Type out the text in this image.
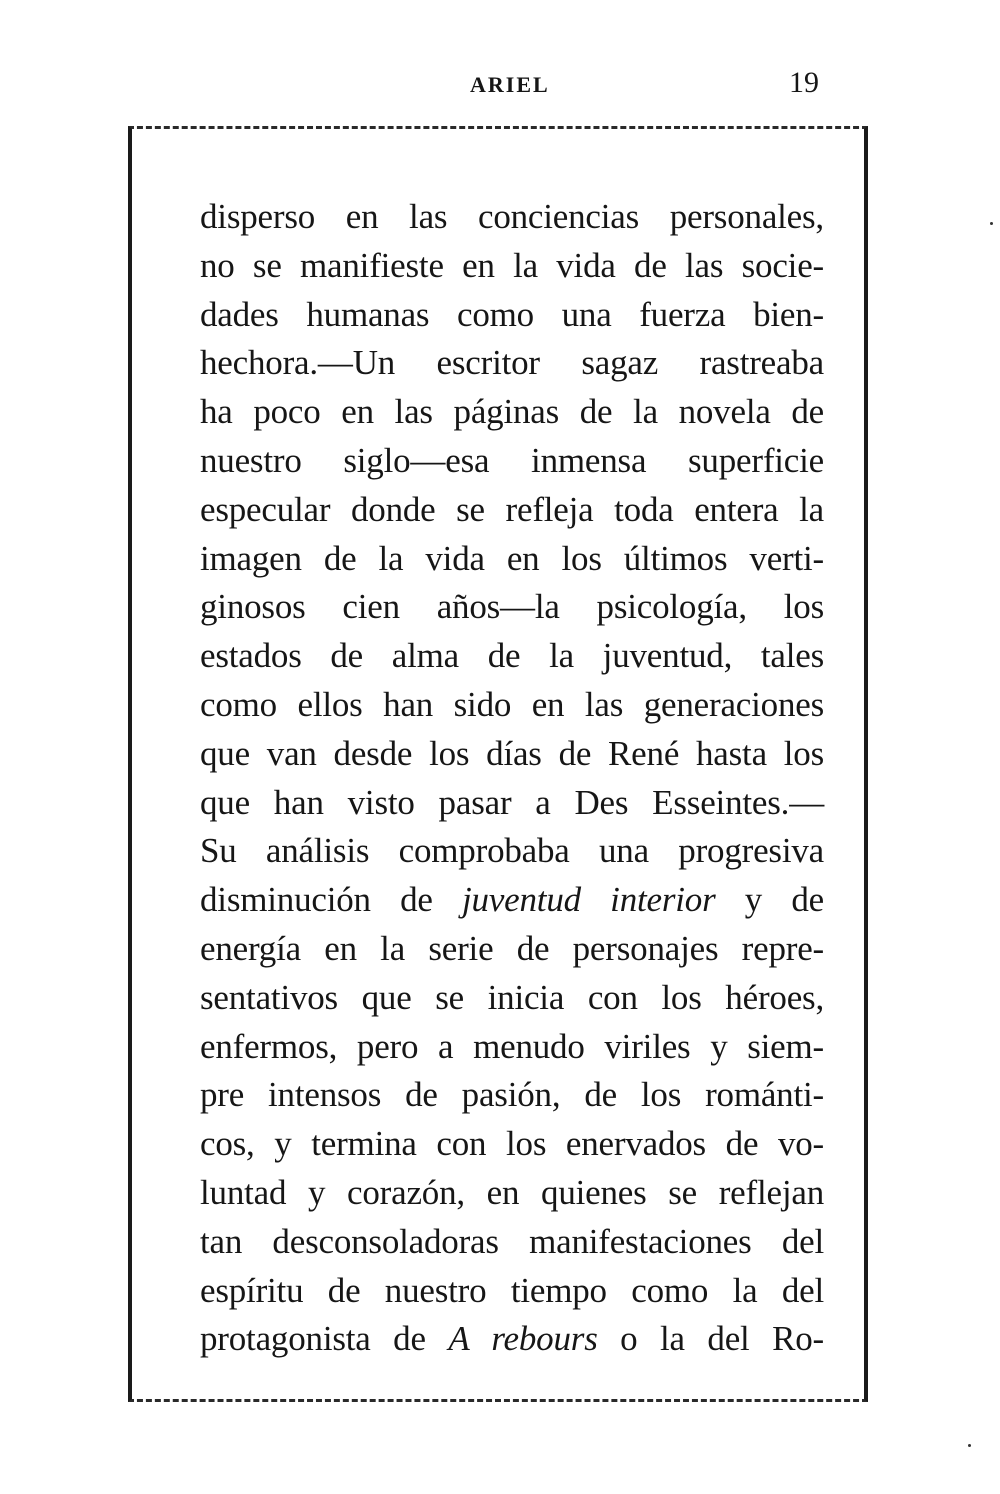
ARIEL	19
disperso en las conciencias personales,
no se manifieste en la vida de las socie-
dades humanas como una fuerza bien-
hechora.—Un escritor sagaz rastreaba
ha poco en las páginas de la novela de
nuestro siglo—esa inmensa superficie
especular donde se refleja toda entera la
imagen de la vida en los últimos verti-
ginosos cien años—la psicología, los
estados de alma de la juventud, tales
como ellos han sido en las generaciones
que van desde los días de René hasta los
que han visto pasar a Des Esseintes.—
Su análisis comprobaba una progresiva
disminución de juventud interior y de
energía en la serie de personajes repre-
sentativos que se inicia con los héroes,
enfermos, pero a menudo viriles y siem-
pre intensos de pasión, de los románti-
cos, y termina con los enervados de vo-
luntad y corazón, en quienes se reflejan
tan desconsoladoras manifestaciones del
espíritu de nuestro tiempo como la del
protagonista de A rebours o la del Ro-
